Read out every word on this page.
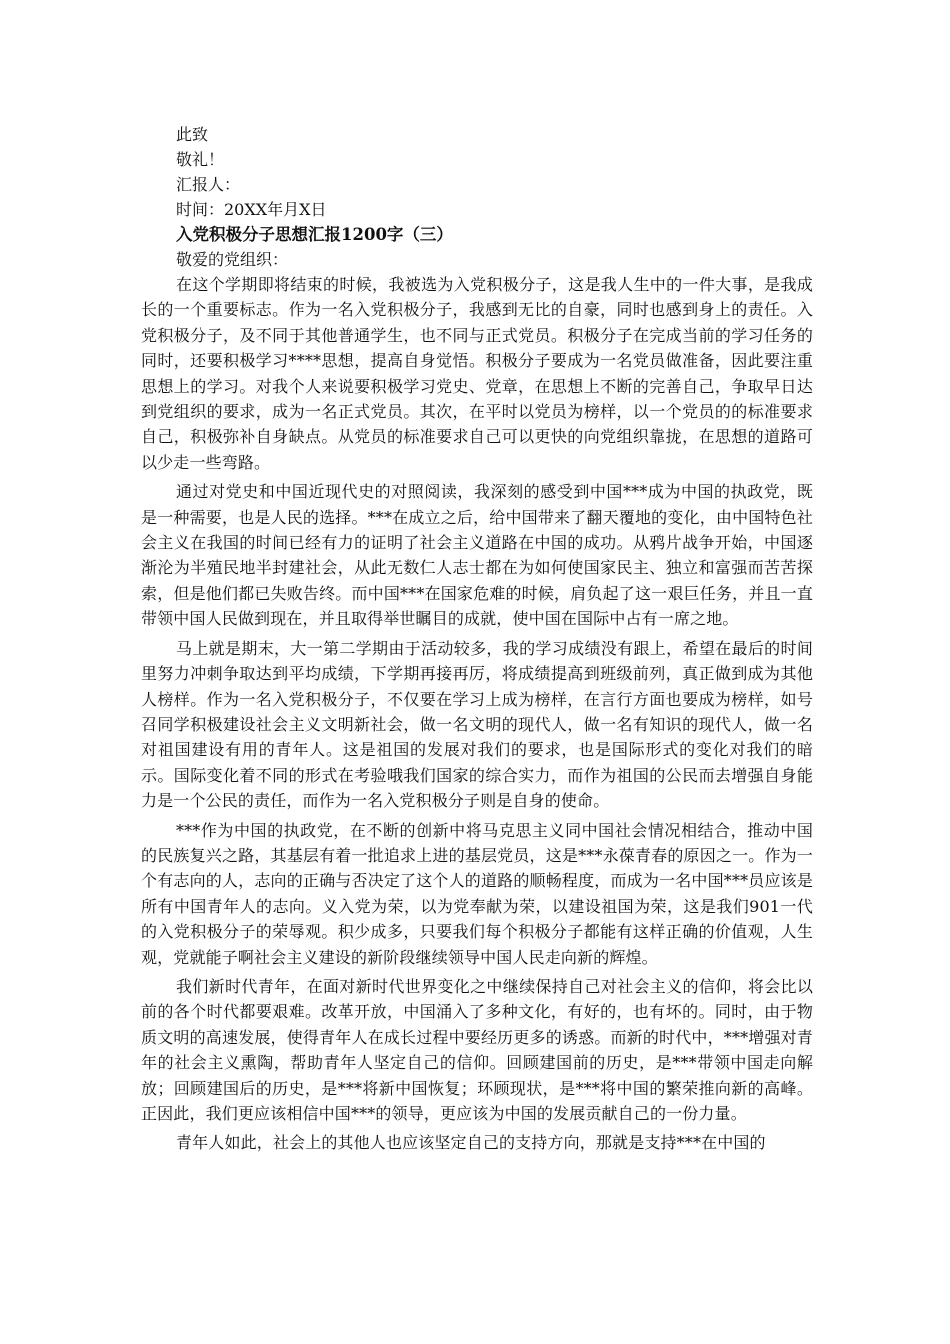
此致

敬礼！

汇报人：

时间：20XX年月X日

入党积极分子思想汇报1200字（三）

敬爱的党组织：

在这个学期即将结束的时候，我被选为入党积极分子，这是我人生中的一件大事，是我成长的一个重要标志。作为一名入党积极分子，我感到无比的自豪，同时也感到身上的责任。入党积极分子，及不同于其他普通学生，也不同与正式党员。积极分子在完成当前的学习任务的同时，还要积极学习****思想，提高自身觉悟。积极分子要成为一名党员做准备，因此要注重思想上的学习。对我个人来说要积极学习党史、党章，在思想上不断的完善自己，争取早日达到党组织的要求，成为一名正式党员。其次，在平时以党员为榜样，以一个党员的的标准要求自己，积极弥补自身缺点。从党员的标准要求自己可以更快的向党组织靠拢，在思想的道路可以少走一些弯路。

通过对党史和中国近现代史的对照阅读，我深刻的感受到中国***成为中国的执政党，既是一种需要，也是人民的选择。***在成立之后，给中国带来了翻天覆地的变化，由中国特色社会主义在我国的时间已经有力的证明了社会主义道路在中国的成功。从鸦片战争开始，中国逐渐沦为半殖民地半封建社会，从此无数仁人志士都在为如何使国家民主、独立和富强而苦苦探索，但是他们都已失败告终。而中国***在国家危难的时候，肩负起了这一艰巨任务，并且一直带领中国人民做到现在，并且取得举世瞩目的成就，使中国在国际中占有一席之地。

马上就是期末，大一第二学期由于活动较多，我的学习成绩没有跟上，希望在最后的时间里努力冲刺争取达到平均成绩，下学期再接再厉，将成绩提高到班级前列，真正做到成为其他人榜样。作为一名入党积极分子，不仅要在学习上成为榜样，在言行方面也要成为榜样，如号召同学积极建设社会主义文明新社会，做一名文明的现代人，做一名有知识的现代人，做一名对祖国建设有用的青年人。这是祖国的发展对我们的要求，也是国际形式的变化对我们的暗示。国际变化着不同的形式在考验哦我们国家的综合实力，而作为祖国的公民而去增强自身能力是一个公民的责任，而作为一名入党积极分子则是自身的使命。

***作为中国的执政党，在不断的创新中将马克思主义同中国社会情况相结合，推动中国的民族复兴之路，其基层有着一批追求上进的基层党员，这是***永葆青春的原因之一。作为一个有志向的人，志向的正确与否决定了这个人的道路的顺畅程度，而成为一名中国***员应该是所有中国青年人的志向。义入党为荣，以为党奉献为荣，以建设祖国为荣，这是我们901一代的入党积极分子的荣辱观。积少成多，只要我们每个积极分子都能有这样正确的价值观，人生观，党就能子啊社会主义建设的新阶段继续领导中国人民走向新的辉煌。

我们新时代青年，在面对新时代世界变化之中继续保持自己对社会主义的信仰，将会比以前的各个时代都要艰难。改革开放，中国涌入了多种文化，有好的，也有坏的。同时，由于物质文明的高速发展，使得青年人在成长过程中要经历更多的诱惑。而新的时代中，***增强对青年的社会主义熏陶，帮助青年人坚定自己的信仰。回顾建国前的历史，是***带领中国走向解放；回顾建国后的历史，是***将新中国恢复；环顾现状，是***将中国的繁荣推向新的高峰。正因此，我们更应该相信中国***的领导，更应该为中国的发展贡献自己的一份力量。

青年人如此，社会上的其他人也应该坚定自己的支持方向，那就是支持***在中国的
